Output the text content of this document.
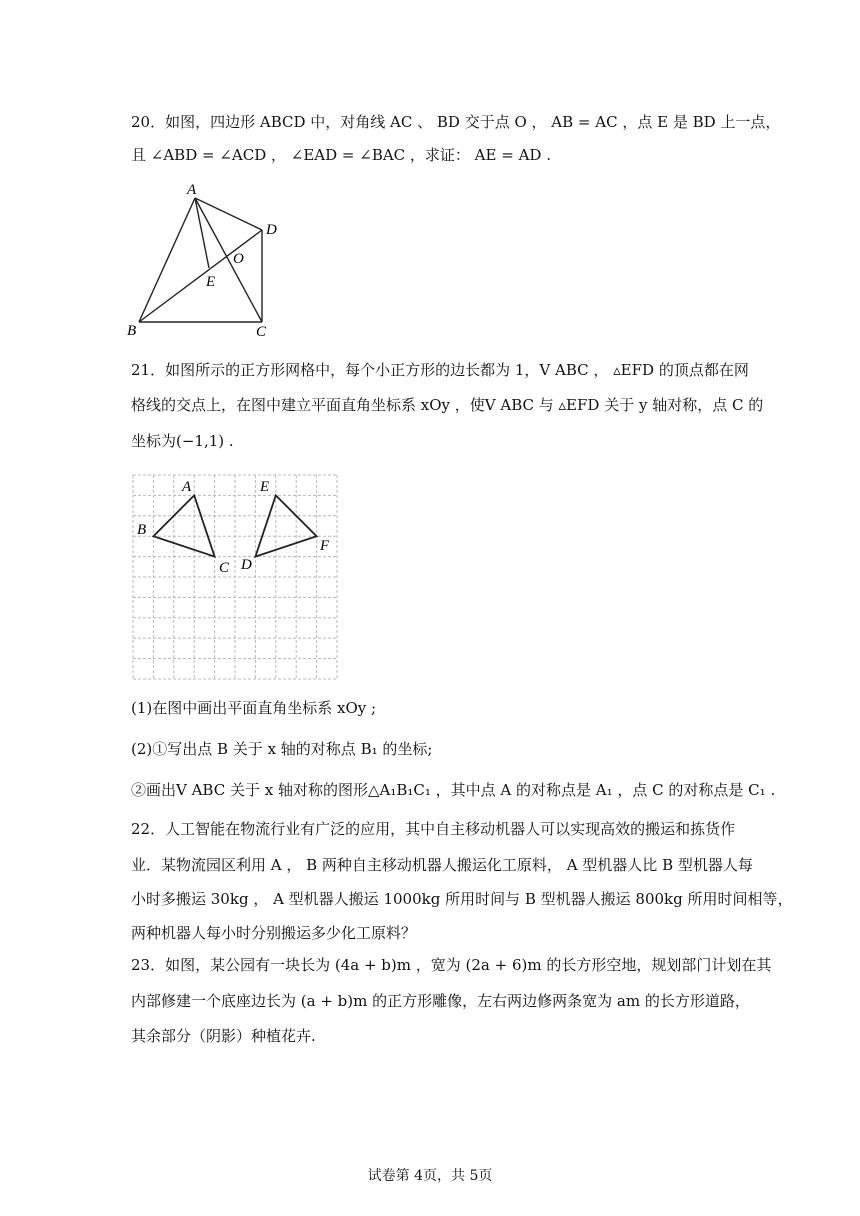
20．如图，四边形 ABCD 中，对角线 AC 、 BD 交于点 O ， AB = AC ，点 E 是 BD 上一点，
且 ∠ABD = ∠ACD ， ∠EAD = ∠BAC ，求证： AE = AD .
A
B	C
D
E
O
21．如图所示的正方形网格中，每个小正方形的边长都为 1，V ABC ， ▵EFD 的顶点都在网
格线的交点上，在图中建立平面直角坐标系 xOy ，使V ABC 与 ▵EFD 关于 y 轴对称，点 C 的
坐标为(−1,1) .
A
B
C D
E
F
(1)在图中画出平面直角坐标系 xOy ;
(2)①写出点 B 关于 x 轴的对称点 B₁ 的坐标;
②画出V ABC 关于 x 轴对称的图形△A₁B₁C₁ ，其中点 A 的对称点是 A₁ ，点 C 的对称点是 C₁ .
22．人工智能在物流行业有广泛的应用，其中自主移动机器人可以实现高效的搬运和拣货作
业．某物流园区利用 A ， B 两种自主移动机器人搬运化工原料， A 型机器人比 B 型机器人每
小时多搬运 30kg ， A 型机器人搬运 1000kg 所用时间与 B 型机器人搬运 800kg 所用时间相等，
两种机器人每小时分别搬运多少化工原料？
23．如图，某公园有一块长为 (4a + b)m ，宽为 (2a + 6)m 的长方形空地，规划部门计划在其
内部修建一个底座边长为 (a + b)m 的正方形雕像，左右两边修两条宽为 am 的长方形道路，
其余部分（阴影）种植花卉.
试卷第 4页，共 5页
